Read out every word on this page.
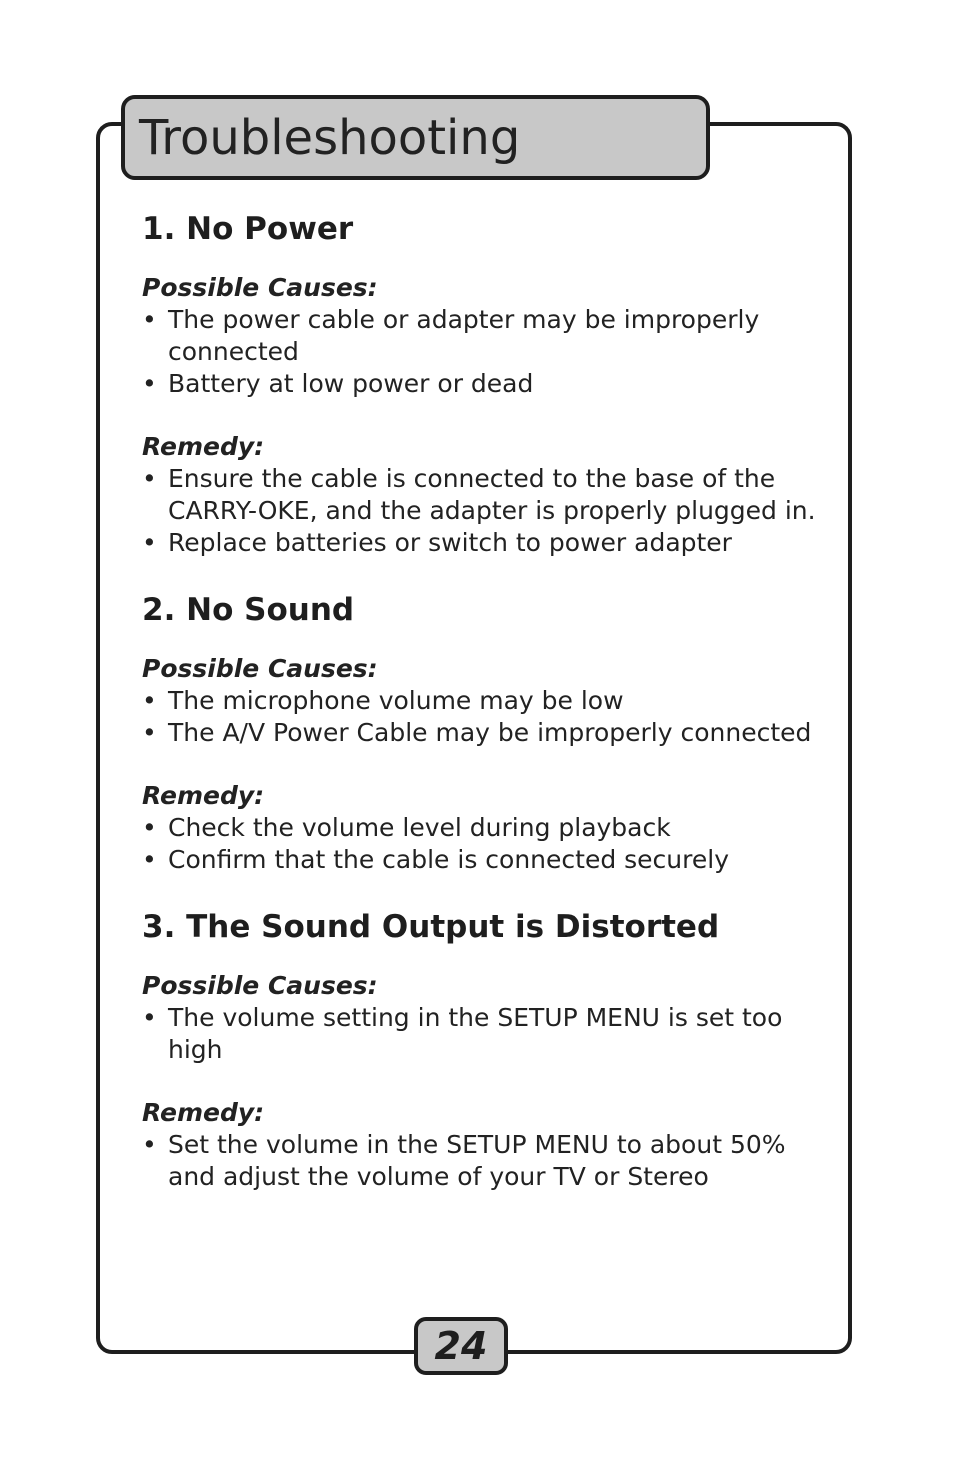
Troubleshooting
1. No Power
Possible Causes:
• The power cable or adapter may be improperly connected
• Battery at low power or dead
Remedy:
• Ensure the cable is connected to the base of the CARRY-OKE, and the adapter is properly plugged in.
• Replace batteries or switch to power adapter
2. No Sound
Possible Causes:
• The microphone volume may be low
• The A/V Power Cable may be improperly connected
Remedy:
• Check the volume level during playback
• Confirm that the cable is connected securely
3. The Sound Output is Distorted
Possible Causes:
• The volume setting in the SETUP MENU is set too high
Remedy:
• Set the volume in the SETUP MENU to about 50% and adjust the volume of your TV or Stereo
24
